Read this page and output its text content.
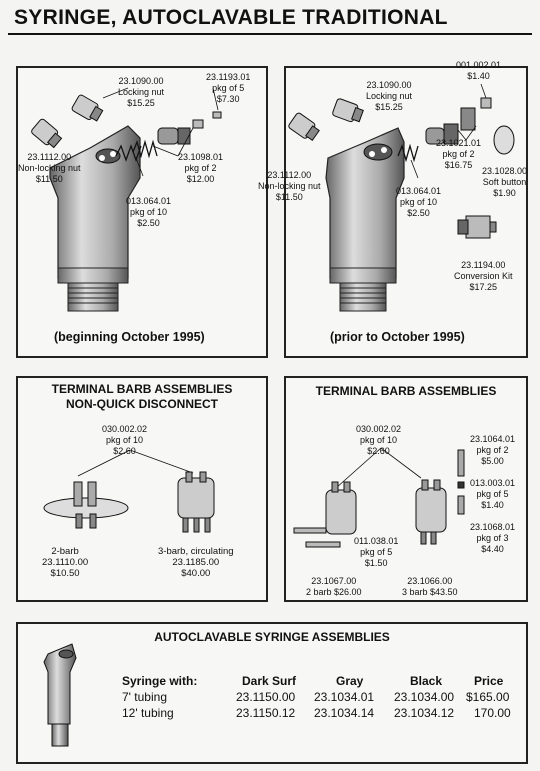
SYRINGE, AUTOCLAVABLE TRADITIONAL
23.1090.00
Locking nut
$15.25
23.1193.01
pkg of 5
$7.30
23.1112.00
Non-locking nut
$11.50
23.1098.01
pkg of 2
$12.00
013.064.01
pkg of 10
$2.50
(beginning October 1995)
001.002.01
$1.40
23.1090.00
Locking nut
$15.25
23.1021.01
pkg of 2
$16.75
23.1028.00
Soft button
$1.90
23.1112.00
Non-locking nut
$11.50
013.064.01
pkg of 10
$2.50
23.1194.00
Conversion Kit
$17.25
(prior to October 1995)
TERMINAL BARB ASSEMBLIES
NON-QUICK DISCONNECT
030.002.02
pkg of 10
$2.60
2-barb
23.1110.00
$10.50
3-barb, circulating
23.1185.00
$40.00
TERMINAL BARB ASSEMBLIES
030.002.02
pkg of 10
$2.60
23.1064.01
pkg of 2
$5.00
013.003.01
pkg of 5
$1.40
23.1068.01
pkg of 3
$4.40
011.038.01
pkg of 5
$1.50
23.1067.00
2 barb $26.00
23.1066.00
3 barb $43.50
AUTOCLAVABLE SYRINGE ASSEMBLIES
Syringe with:	Dark Surf	Gray	Black	Price
7' tubing	23.1150.00 23.1034.01 23.1034.00 $165.00
12' tubing	23.1150.12 23.1034.14 23.1034.12 170.00
